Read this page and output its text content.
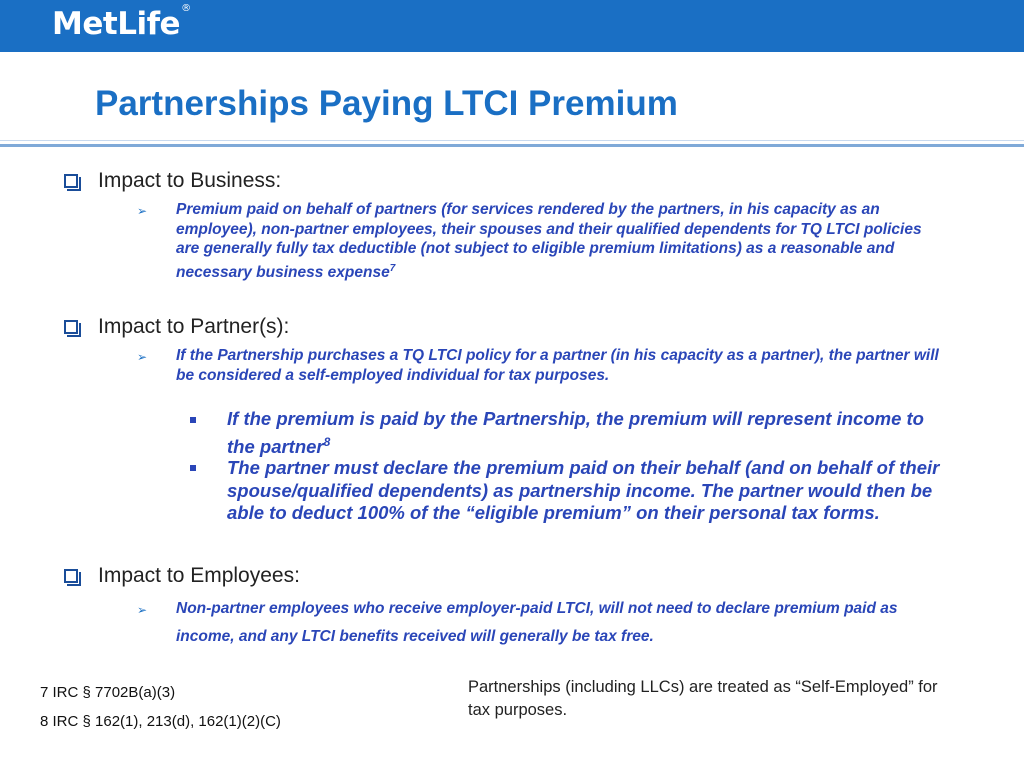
MetLife®
Partnerships Paying LTCI Premium
Impact to Business:
➢ Premium paid on behalf of partners (for services rendered by the partners, in his capacity as an employee), non-partner employees, their spouses and their qualified dependents for TQ LTCI policies are generally fully tax deductible (not subject to eligible premium limitations) as a reasonable and necessary business expense$^7$
Impact to Partner(s):
➢ If the Partnership purchases a TQ LTCI policy for a partner (in his capacity as a partner), the partner will be considered a self-employed individual for tax purposes.
If the premium is paid by the Partnership, the premium will represent income to the partner$^8$
The partner must declare the premium paid on their behalf (and on behalf of their spouse/qualified dependents) as partnership income. The partner would then be able to deduct 100% of the “eligible premium” on their personal tax forms.
Impact to Employees:
➢ Non-partner employees who receive employer-paid LTCI, will not need to declare premium paid as income, and any LTCI benefits received will generally be tax free.
7 IRC § 7702B(a)(3)
8 IRC § 162(1), 213(d), 162(1)(2)(C)
Partnerships (including LLCs) are treated as “Self-Employed” for tax purposes.
